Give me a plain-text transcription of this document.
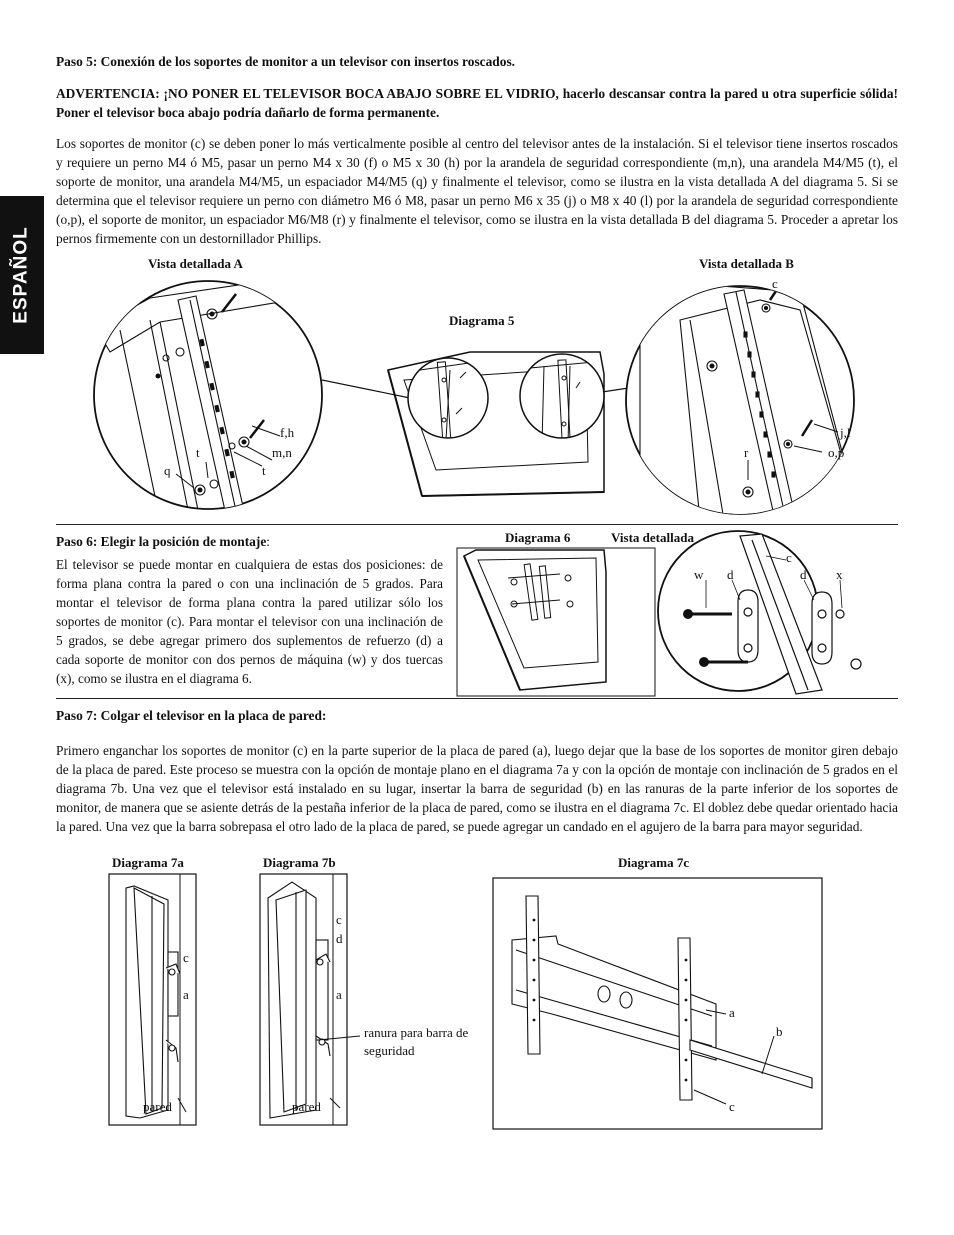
ESPAÑOL
Paso 5: Conexión de los soportes de monitor a un televisor con insertos roscados.
ADVERTENCIA: ¡NO PONER EL TELEVISOR BOCA ABAJO SOBRE EL VIDRIO, hacerlo descansar contra la pared u otra superficie sólida! Poner el televisor boca abajo podría dañarlo de forma permanente.
Los soportes de monitor (c) se deben poner lo más verticalmente posible al centro del televisor antes de la instalación. Si el televisor tiene insertos roscados y requiere un perno M4 ó M5, pasar un perno M4 x 30 (f) o M5 x 30 (h) por la arandela de seguridad correspondiente (m,n), una arandela M4/M5 (t), el soporte de monitor, una arandela M4/M5, un espaciador M4/M5 (q) y finalmente el televisor, como se ilustra en la vista detallada A del diagrama 5. Si se determina que el televisor requiere un perno con diámetro M6 ó M8, pasar un perno M6 x 35 (j) o M8 x 40 (l) por la arandela de seguridad correspondiente (o,p), el soporte de monitor, un espaciador M6/M8 (r) y finalmente el televisor, como se ilustra en la vista detallada B del diagrama 5. Proceder a apretar los pernos firmemente con un destornillador Phillips.
Vista detallada A	Vista detallada B
Diagrama 5
f,h
m,n
t
t
q
c
j,l
o,p
r
Paso 6: Elegir la posición de montaje:
El televisor se puede montar en cualquiera de estas dos posiciones: de forma plana contra la pared o con una inclinación de 5 grados. Para montar el televisor de forma plana contra la pared utilizar sólo los soportes de monitor (c). Para montar el televisor con una inclinación de 5 grados, se debe agregar primero dos suplementos de refuerzo (d) a cada soporte de monitor con dos pernos de máquina (w) y dos tuercas (x), como se ilustra en el diagrama 6.
Diagrama 6	Vista detallada
c
w d	d x
Paso 7: Colgar el televisor en la placa de pared:
Primero enganchar los soportes de monitor (c) en la parte superior de la placa de pared (a), luego dejar que la base de los soportes de monitor giren debajo de la placa de pared. Este proceso se muestra con la opción de montaje plano en el diagrama 7a y con la opción de montaje con inclinación de 5 grados en el diagrama 7b. Una vez que el televisor está instalado en su lugar, insertar la barra de seguridad (b) en las ranuras de la parte inferior de los soportes de monitor, de manera que se asiente detrás de la pestaña inferior de la placa de pared, como se ilustra en el diagrama 7c. El doblez debe quedar orientado hacia la pared. Una vez que la barra sobrepasa el otro lado de la placa de pared, se puede agregar un candado en el agujero de la barra para mayor seguridad.
Diagrama 7a	Diagrama 7b	Diagrama 7c
c
a
pared
c
d
a
pared
ranura para barra de seguridad
a
b
c
